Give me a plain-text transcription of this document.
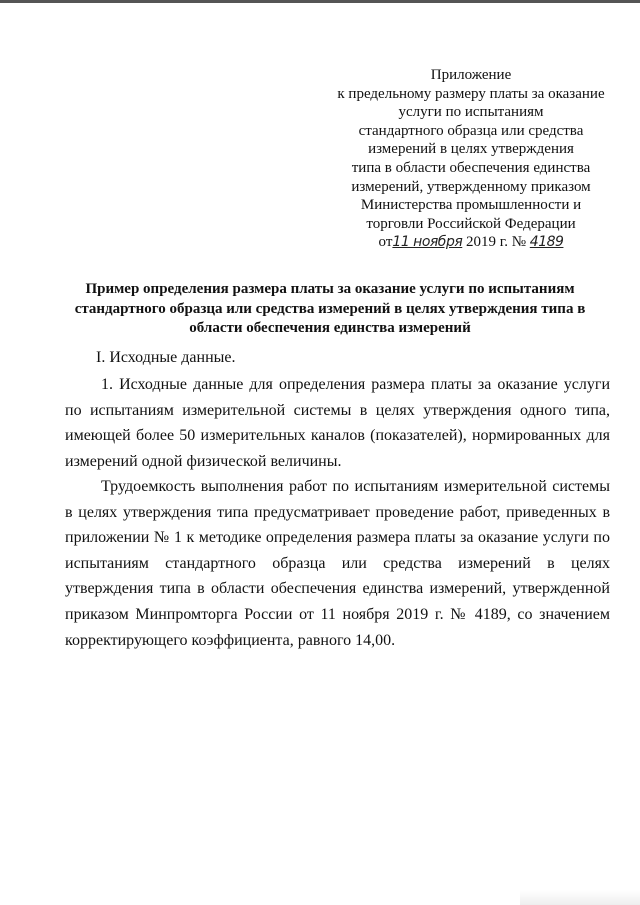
Приложение
к предельному размеру платы за оказание
услуги по испытаниям
стандартного образца или средства
измерений в целях утверждения
типа в области обеспечения единства
измерений, утвержденному приказом
Министерства промышленности и
торговли Российской Федерации
от11 ноября 2019 г. № 4189
Пример определения размера платы за оказание услуги по испытаниям стандартного образца или средства измерений в целях утверждения типа в области обеспечения единства измерений
I. Исходные данные.
1. Исходные данные для определения размера платы за оказание услуги по испытаниям измерительной системы в целях утверждения одного типа, имеющей более 50 измерительных каналов (показателей), нормированных для измерений одной физической величины.
Трудоемкость выполнения работ по испытаниям измерительной системы в целях утверждения типа предусматривает проведение работ, приведенных в приложении № 1 к методике определения размера платы за оказание услуги по испытаниям стандартного образца или средства измерений в целях утверждения типа в области обеспечения единства измерений, утвержденной приказом Минпромторга России от 11 ноября 2019 г. № 4189, со значением корректирующего коэффициента, равного 14,00.
